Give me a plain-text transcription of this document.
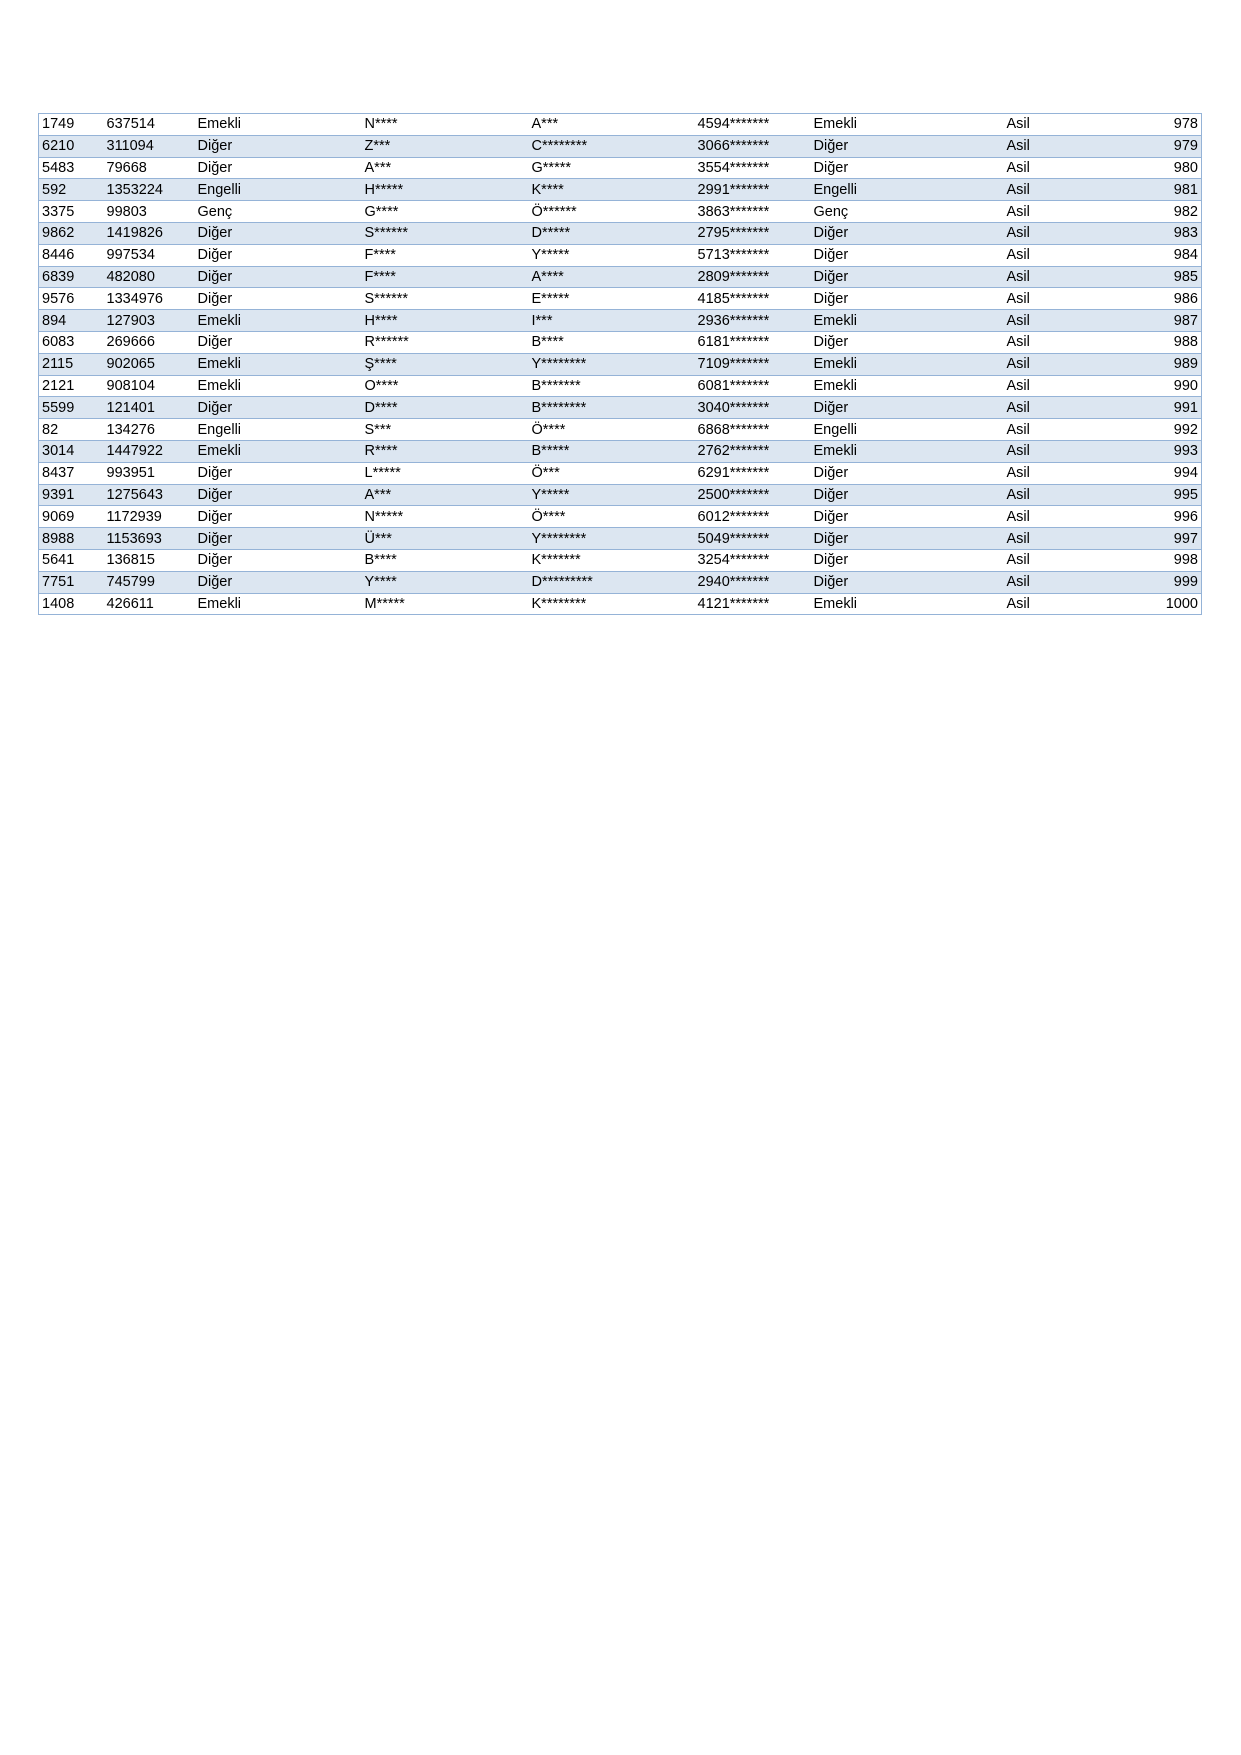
1749	637514	Emekli	N****	A***	4594*******	Emekli	Asil	978
6210	311094	Diğer	Z***	C********	3066*******	Diğer	Asil	979
5483	79668	Diğer	A***	G*****	3554*******	Diğer	Asil	980
592	1353224	Engelli	H*****	K****	2991*******	Engelli	Asil	981
3375	99803	Genç	G****	Ö******	3863*******	Genç	Asil	982
9862	1419826	Diğer	S******	D*****	2795*******	Diğer	Asil	983
8446	997534	Diğer	F****	Y*****	5713*******	Diğer	Asil	984
6839	482080	Diğer	F****	A****	2809*******	Diğer	Asil	985
9576	1334976	Diğer	S******	E*****	4185*******	Diğer	Asil	986
894	127903	Emekli	H****	I***	2936*******	Emekli	Asil	987
6083	269666	Diğer	R******	B****	6181*******	Diğer	Asil	988
2115	902065	Emekli	Ş****	Y********	7109*******	Emekli	Asil	989
2121	908104	Emekli	O****	B*******	6081*******	Emekli	Asil	990
5599	121401	Diğer	D****	B********	3040*******	Diğer	Asil	991
82	134276	Engelli	S***	Ö****	6868*******	Engelli	Asil	992
3014	1447922	Emekli	R****	B*****	2762*******	Emekli	Asil	993
8437	993951	Diğer	L*****	Ö***	6291*******	Diğer	Asil	994
9391	1275643	Diğer	A***	Y*****	2500*******	Diğer	Asil	995
9069	1172939	Diğer	N*****	Ö****	6012*******	Diğer	Asil	996
8988	1153693	Diğer	Ü***	Y********	5049*******	Diğer	Asil	997
5641	136815	Diğer	B****	K*******	3254*******	Diğer	Asil	998
7751	745799	Diğer	Y****	D*********	2940*******	Diğer	Asil	999
1408	426611	Emekli	M*****	K********	4121*******	Emekli	Asil	1000
